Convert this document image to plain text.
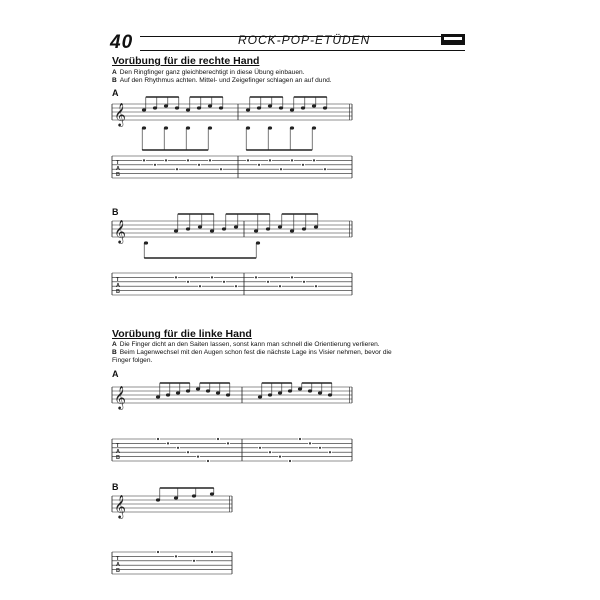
40	ROCK-POP-ETÜDEN
Vorübung für die rechte Hand
A Den Ringfinger ganz gleichberechtigt in diese Übung einbauen.
B Auf den Rhythmus achten. Mittel- und Zeigefinger schlagen an auf dund.
A
B
Vorübung für die linke Hand
A Die Finger dicht an den Saiten lassen, sonst kann man schnell die Orientierung verlieren.
B Beim Lagenwechsel mit den Augen schon fest die nächste Lage ins Visier nehmen, bevor die
Finger folgen.
A
B
𝄞
T
A
B
𝄞
T
A
B
𝄞
T
A
B
𝄞
T
A
B
